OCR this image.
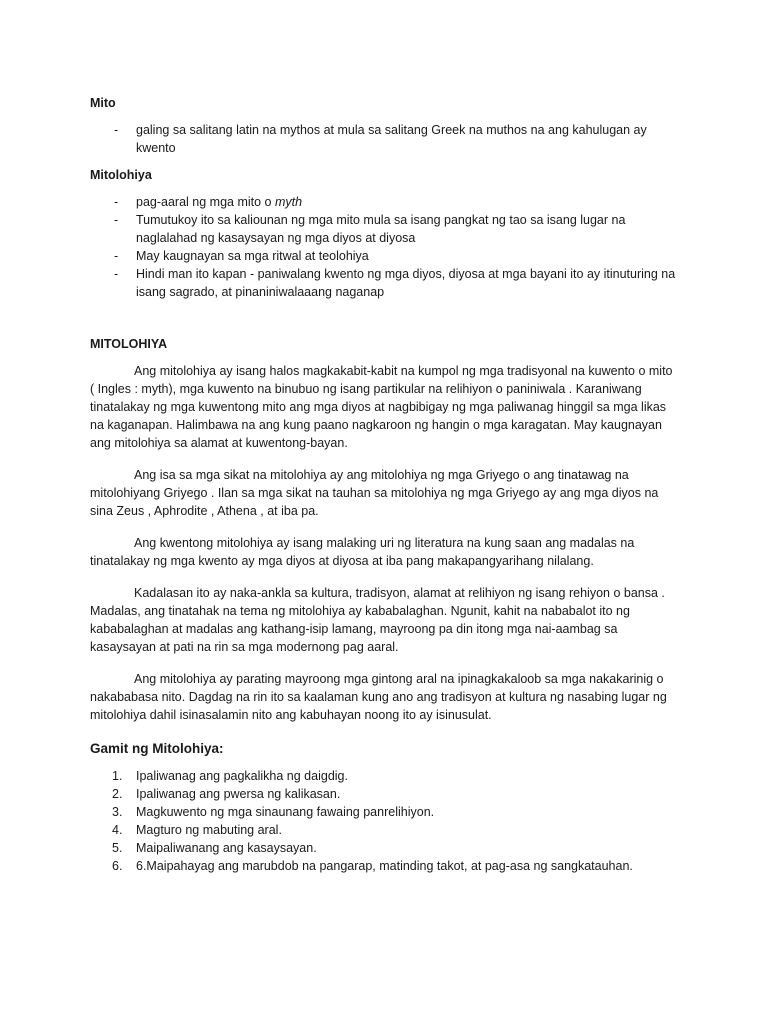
Mito

- galing sa salitang latin na mythos at mula sa salitang Greek na muthos na ang kahulugan ay kwento

Mitolohiya

- pag-aaral ng mga mito o myth
- Tumutukoy ito sa kaliounan ng mga mito mula sa isang pangkat ng tao sa isang lugar na naglalahad ng kasaysayan ng mga diyos at diyosa
- May kaugnayan sa mga ritwal at teolohiya
- Hindi man ito kapan - paniwalang kwento ng mga diyos, diyosa at mga bayani ito ay itinuturing na isang sagrado, at pinaniniwalaaang naganap

MITOLOHIYA

Ang mitolohiya ay isang halos magkakabit-kabit na kumpol ng mga tradisyonal na kuwento o mito ( Ingles : myth), mga kuwento na binubuo ng isang partikular na relihiyon o paniniwala . Karaniwang tinatalakay ng mga kuwentong mito ang mga diyos at nagbibigay ng mga paliwanag hinggil sa mga likas na kaganapan. Halimbawa na ang kung paano nagkaroon ng hangin o mga karagatan. May kaugnayan ang mitolohiya sa alamat at kuwentong-bayan.

Ang isa sa mga sikat na mitolohiya ay ang mitolohiya ng mga Griyego o ang tinatawag na mitolohiyang Griyego . Ilan sa mga sikat na tauhan sa mitolohiya ng mga Griyego ay ang mga diyos na sina Zeus , Aphrodite , Athena , at iba pa.

Ang kwentong mitolohiya ay isang malaking uri ng literatura na kung saan ang madalas na tinatalakay ng mga kwento ay mga diyos at diyosa at iba pang makapangyarihang nilalang.

Kadalasan ito ay naka-ankla sa kultura, tradisyon, alamat at relihiyon ng isang rehiyon o bansa . Madalas, ang tinatahak na tema ng mitolohiya ay kababalaghan. Ngunit, kahit na nababalot ito ng kababalaghan at madalas ang kathang-isip lamang, mayroong pa din itong mga nai-aambag sa kasaysayan at pati na rin sa mga modernong pag aaral.

Ang mitolohiya ay parating mayroong mga gintong aral na ipinagkakaloob sa mga nakakarinig o nakababasa nito. Dagdag na rin ito sa kaalaman kung ano ang tradisyon at kultura ng nasabing lugar ng mitolohiya dahil isinasalamin nito ang kabuhayan noong ito ay isinusulat.

Gamit ng Mitolohiya:

1. Ipaliwanag ang pagkalikha ng daigdig.
2. Ipaliwanag ang pwersa ng kalikasan.
3. Magkuwento ng mga sinaunang fawaing panrelihiyon.
4. Magturo ng mabuting aral.
5. Maipaliwanang ang kasaysayan.
6. 6.Maipahayag ang marubdob na pangarap, matinding takot, at pag-asa ng sangkatauhan.
